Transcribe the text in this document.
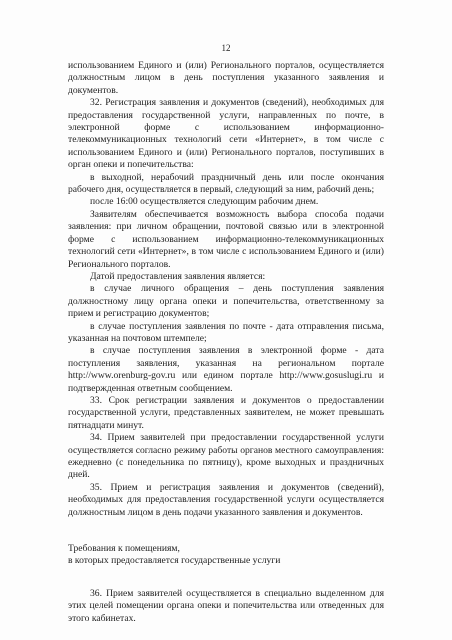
12

использованием Единого и (или) Регионального порталов, осуществляется должностным лицом в день поступления указанного заявления и документов.

32. Регистрация заявления и документов (сведений), необходимых для предоставления государственной услуги, направленных по почте, в электронной форме с использованием информационно-телекоммуникационных технологий сети «Интернет», в том числе с использованием Единого и (или) Регионального порталов, поступивших в орган опеки и попечительства:

в выходной, нерабочий праздничный день или после окончания рабочего дня, осуществляется в первый, следующий за ним, рабочий день;

после 16:00 осуществляется следующим рабочим днем.

Заявителям обеспечивается возможность выбора способа подачи заявления: при личном обращении, почтовой связью или в электронной форме с использованием информационно-телекоммуникационных технологий сети «Интернет», в том числе с использованием Единого и (или) Регионального порталов.

Датой предоставления заявления является:

в случае личного обращения – день поступления заявления должностному лицу органа опеки и попечительства, ответственному за прием и регистрацию документов;

в случае поступления заявления по почте - дата отправления письма, указанная на почтовом штемпеле;

в случае поступления заявления в электронной форме - дата поступления заявления, указанная на региональном портале http://www.orenburg-gov.ru или едином портале http://www.gosuslugi.ru и подтвержденная ответным сообщением.

33. Срок регистрации заявления и документов о предоставлении государственной услуги, представленных заявителем, не может превышать пятнадцати минут.

34. Прием заявителей при предоставлении государственной услуги осуществляется согласно режиму работы органов местного самоуправления: ежедневно (с понедельника по пятницу), кроме выходных и праздничных дней.

35. Прием и регистрация заявления и документов (сведений), необходимых для предоставления государственной услуги осуществляется должностным лицом в день подачи указанного заявления и документов.

Требования к помещениям,

в которых предоставляется государственные услуги

36. Прием заявителей осуществляется в специально выделенном для этих целей помещении органа опеки и попечительства или отведенных для этого кабинетах.
